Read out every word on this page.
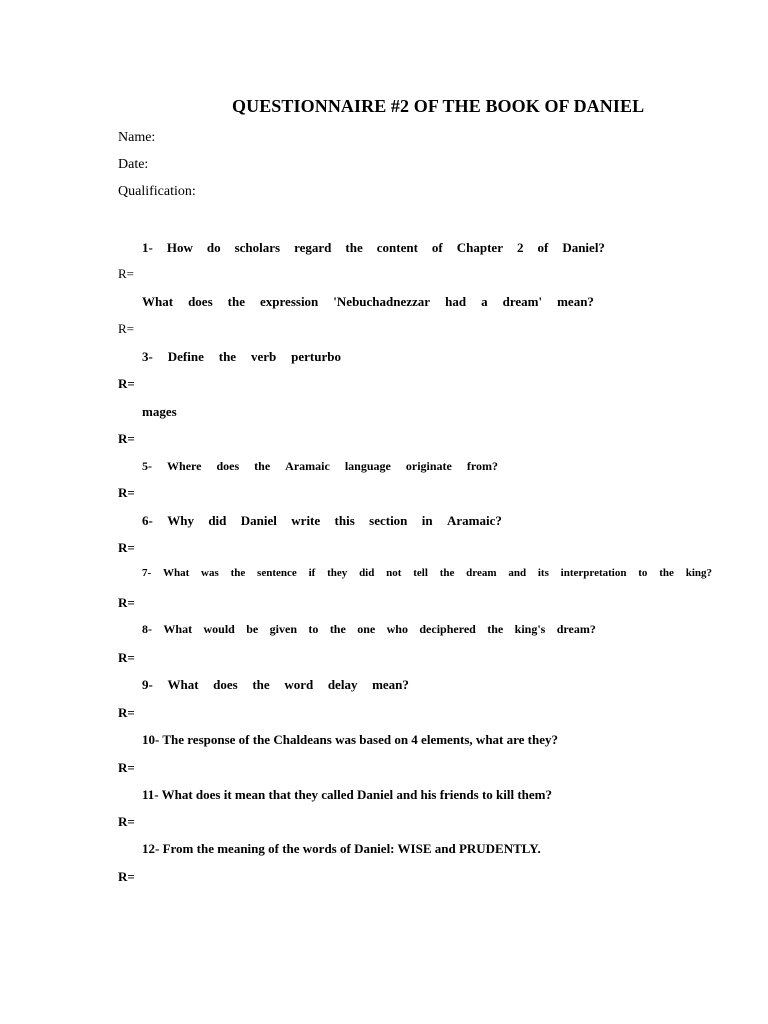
QUESTIONNAIRE #2 OF THE BOOK OF DANIEL
Name:
Date:
Qualification:
1- How do scholars regard the content of Chapter 2 of Daniel?
R=
What does the expression 'Nebuchadnezzar had a dream' mean?
R=
3- Define the verb perturbo
R=
mages
R=
5- Where does the Aramaic language originate from?
R=
6- Why did Daniel write this section in Aramaic?
R=
7- What was the sentence if they did not tell the dream and its interpretation to the king?
R=
8- What would be given to the one who deciphered the king's dream?
R=
9- What does the word delay mean?
R=
10- The response of the Chaldeans was based on 4 elements, what are they?
R=
11- What does it mean that they called Daniel and his friends to kill them?
R=
12- From the meaning of the words of Daniel: WISE and PRUDENTLY.
R=
